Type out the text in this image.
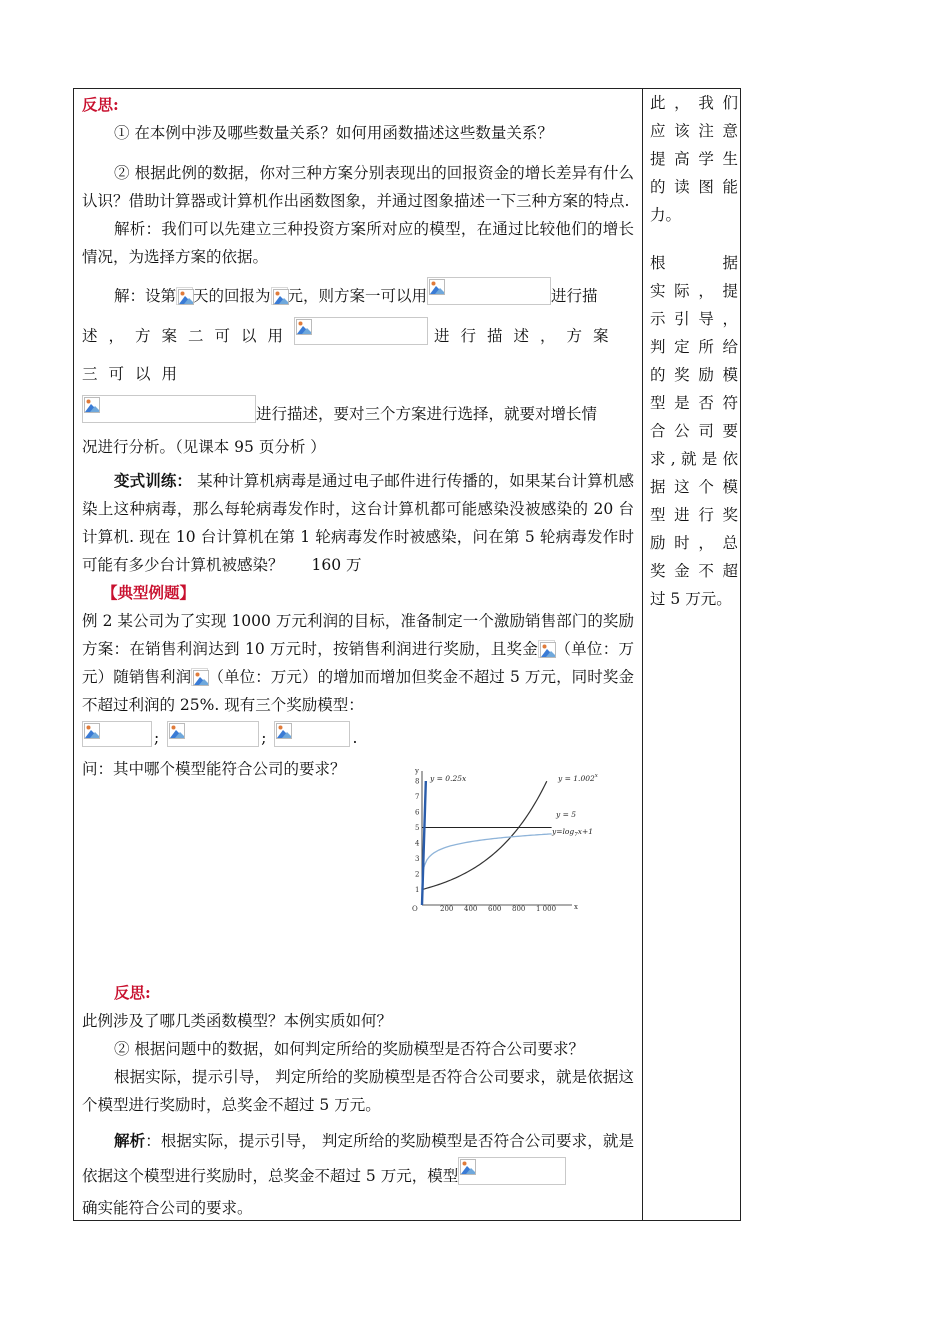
反思:

① 在本例中涉及哪些数量关系？如何用函数描述这些数量关系？

② 根据此例的数据，你对三种方案分别表现出的回报资金的增长差异有什么认识？借助计算器或计算机作出函数图象，并通过图象描述一下三种方案的特点.

解析：我们可以先建立三种投资方案所对应的模型，在通过比较他们的增长情况，为选择方案的依据。

解：设第 天的回报为 元，则方案一可以用	进行描

述，方案二可以用	进行描述，方案三可以用

进行描述，要对三个方案进行选择，就要对增长情

况进行分析。（见课本 95 页分析 ）

变式训练： 某种计算机病毒是通过电子邮件进行传播的，如果某台计算机感染上这种病毒，那么每轮病毒发作时，这台计算机都可能感染没被感染的 20 台计算机. 现在 10 台计算机在第 1 轮病毒发作时被感染，问在第 5 轮病毒发作时可能有多少台计算机被感染？ 160 万

【典型例题】

例 2 某公司为了实现 1000 万元利润的目标，准备制定一个激励销售部门的奖励方案：在销售利润达到 10 万元时，按销售利润进行奖励，且奖金 （单位：万元）随销售利润 （单位：万元）的增加而增加但奖金不超过 5 万元，同时奖金不超过利润的 25%. 现有三个奖励模型：

;	;	.

问：其中哪个模型能符合公司的要求？	y
x
O
1
2
3
4
5
6
7
8
200 400 600 800 1 000
y = 0.25x	$y = 1.002^x$
y = 5
$y=\log_7x+1$

反思:

此例涉及了哪几类函数模型？本例实质如何？

② 根据问题中的数据，如何判定所给的奖励模型是否符合公司要求？

根据实际，提示引导， 判定所给的奖励模型是否符合公司要求，就是依据这个模型进行奖励时，总奖金不超过 5 万元。

解析：根据实际，提示引导， 判定所给的奖励模型是否符合公司要求，就是依据这个模型进行奖励时，总奖金不超过 5 万元，模型

确实能符合公司的要求。

此，我们

应该注意

提高学生

的读图能

力。

根　据

实际，提

示引导，

判定所给

的奖励模

型是否符

合公司要

求,就是依

据这个模

型进行奖

励时，总

奖金不超

过 5 万元。
